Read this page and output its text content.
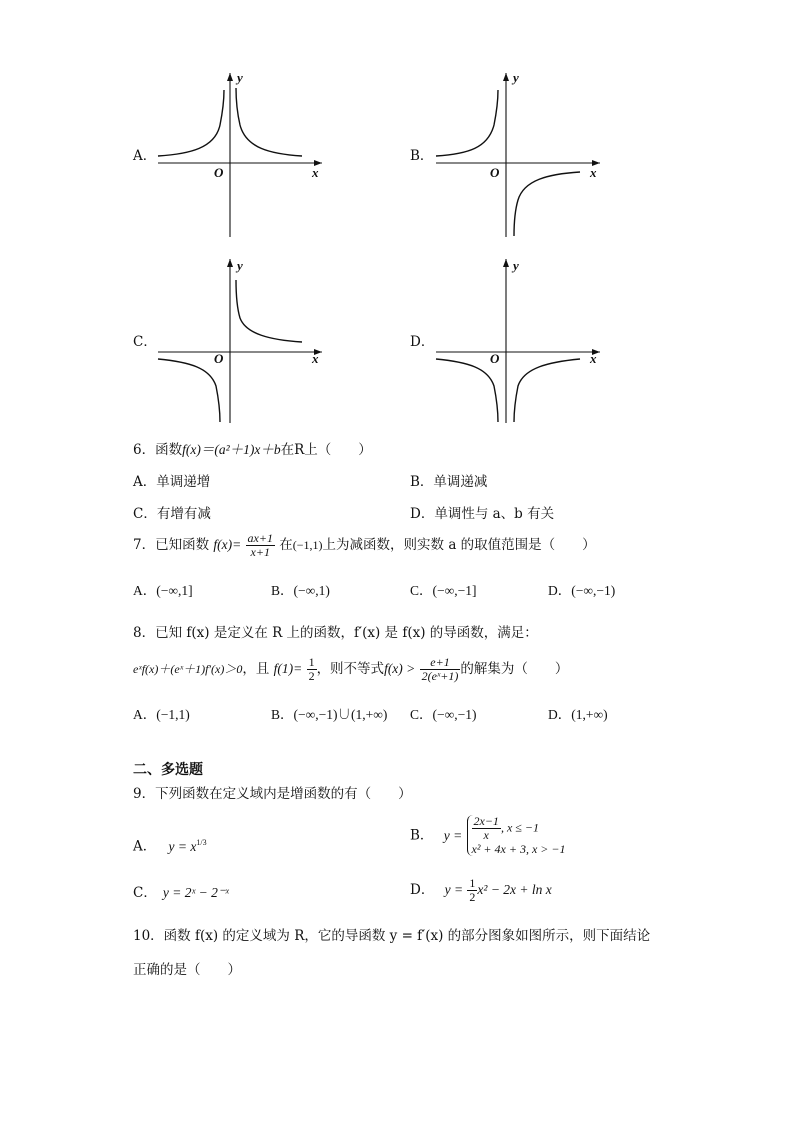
A．
y
x
O
B．
y
x
O
C．
y
x
O
D．
y
x
O
6．函数f(x)＝(a²＋1)x＋b在R上（　　）
A．单调递增	B．单调递减
C．有增有减	D．单调性与 a、b 有关
7．已知函数 $f(x)= \frac{ax+1}{x+1}$ 在(−1,1)上为减函数，则实数 a 的取值范围是（　　）
A．(−∞,1]	B．(−∞,1)	C．(−∞,−1]	D．(−∞,−1)
8．已知 f(x) 是定义在 R 上的函数，f′(x) 是 f(x) 的导函数，满足：
eˣf(x)＋(eˣ＋1)f′(x)＞0，且 $f(1)= \frac{1}{2}$ ，则不等式$f(x) > \frac{e+1}{\text{2(eˣ+1)}}$ 的解集为（　　）
A．(−1,1)	B．(−∞,−1)∪(1,+∞) C．(−∞,−1)	D．(1,+∞)
二、多选题
9．下列函数在定义域内是增函数的有（　　）
A． $y = x^{1/3}$	B． $y = \frac{2x-1}{x}$ , x ≤ −1
x² + 4x + 3, x > −1
C． y = 2ˣ − 2⁻ˣ	D． $y = \frac{1}{2} x^2 - 2x + \ln x$
10．函数 f(x) 的定义域为 R，它的导函数 y = f′(x) 的部分图象如图所示，则下面结论
正确的是（　　）
